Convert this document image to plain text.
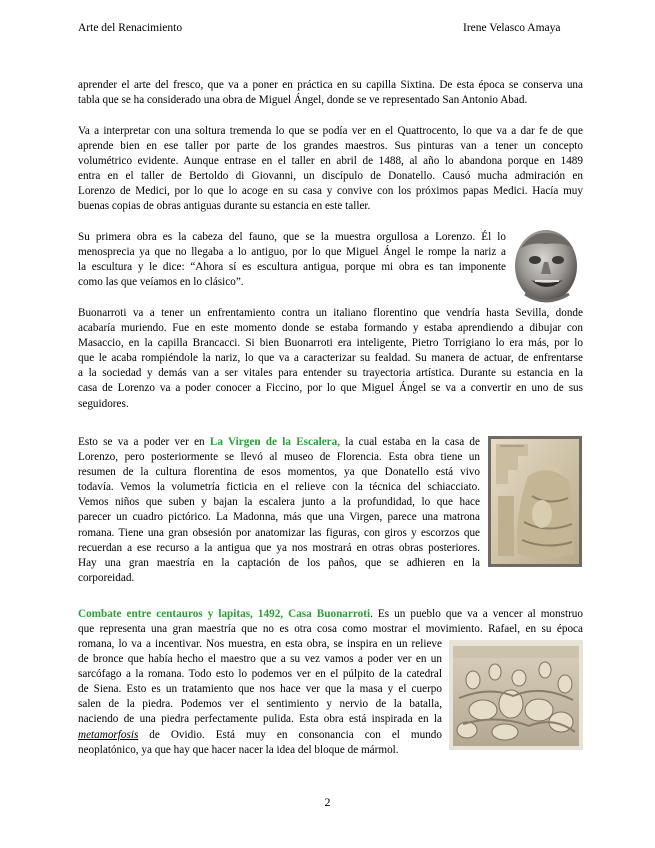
Arte del Renacimiento	Irene Velasco Amaya
aprender el arte del fresco, que va a poner en práctica en su capilla Sixtina. De esta época se conserva una
tabla que se ha considerado una obra de Miguel Ángel, donde se ve representado San Antonio Abad.
Va a interpretar con una soltura tremenda lo que se podía ver en el Quattrocento, lo que va a dar fe de que
aprende bien en ese taller por parte de los grandes maestros. Sus pinturas van a tener un concepto
volumétrico evidente. Aunque entrase en el taller en abril de 1488, al año lo abandona porque en 1489
entra en el taller de Bertoldo di Giovanni, un discípulo de Donatello. Causó mucha admiración en
Lorenzo de Medici, por lo que lo acoge en su casa y convive con los próximos papas Medici. Hacía muy
buenas copias de obras antiguas durante su estancia en este taller.
Su primera obra es la cabeza del fauno, que se la muestra orgullosa a Lorenzo. Él lo
menosprecia ya que no llegaba a lo antiguo, por lo que Miguel Ángel le rompe la nariz a
la escultura y le dice: “Ahora sí es escultura antigua, porque mi obra es tan imponente
como las que veíamos en lo clásico”.
Buonarroti va a tener un enfrentamiento contra un italiano florentino que vendría hasta Sevilla, donde
acabaría muriendo. Fue en este momento donde se estaba formando y estaba aprendiendo a dibujar con
Masaccio, en la capilla Brancacci. Si bien Buonarroti era inteligente, Pietro Torrigiano lo era más, por lo
que le acaba rompiéndole la nariz, lo que va a caracterizar su fealdad. Su manera de actuar, de enfrentarse
a la sociedad y demás van a ser vitales para entender su trayectoria artística. Durante su estancia en la
casa de Lorenzo va a poder conocer a Ficcino, por lo que Miguel Ángel se va a convertir en uno de sus
seguidores.
Esto se va a poder ver en La Virgen de la Escalera, la cual estaba en la casa de
Lorenzo, pero posteriormente se llevó al museo de Florencia. Esta obra tiene un
resumen de la cultura florentina de esos momentos, ya que Donatello está vivo
todavía. Vemos la volumetría ficticia en el relieve con la técnica del schiacciato.
Vemos niños que suben y bajan la escalera junto a la profundidad, lo que hace
parecer un cuadro pictórico. La Madonna, más que una Virgen, parece una matrona
romana. Tiene una gran obsesión por anatomizar las figuras, con giros y escorzos que
recuerdan a ese recurso a la antigua que ya nos mostrará en otras obras posteriores.
Hay una gran maestría en la captación de los paños, que se adhieren en la
corporeidad.
Combate entre centauros y lapitas, 1492, Casa Buonarroti. Es un pueblo que va a vencer al monstruo
que representa una gran maestría que no es otra cosa como mostrar el movimiento. Rafael, en su época
romana, lo va a incentivar. Nos muestra, en esta obra, se inspira en un relieve
de bronce que había hecho el maestro que a su vez vamos a poder ver en un
sarcófago a la romana. Todo esto lo podemos ver en el púlpito de la catedral
de Siena. Esto es un tratamiento que nos hace ver que la masa y el cuerpo
salen de la piedra. Podemos ver el sentimiento y nervio de la batalla,
naciendo de una piedra perfectamente pulida. Esta obra está inspirada en la
metamorfosis de Ovidio. Está muy en consonancia con el mundo
neoplatónico, ya que hay que hacer nacer la idea del bloque de mármol.
2
